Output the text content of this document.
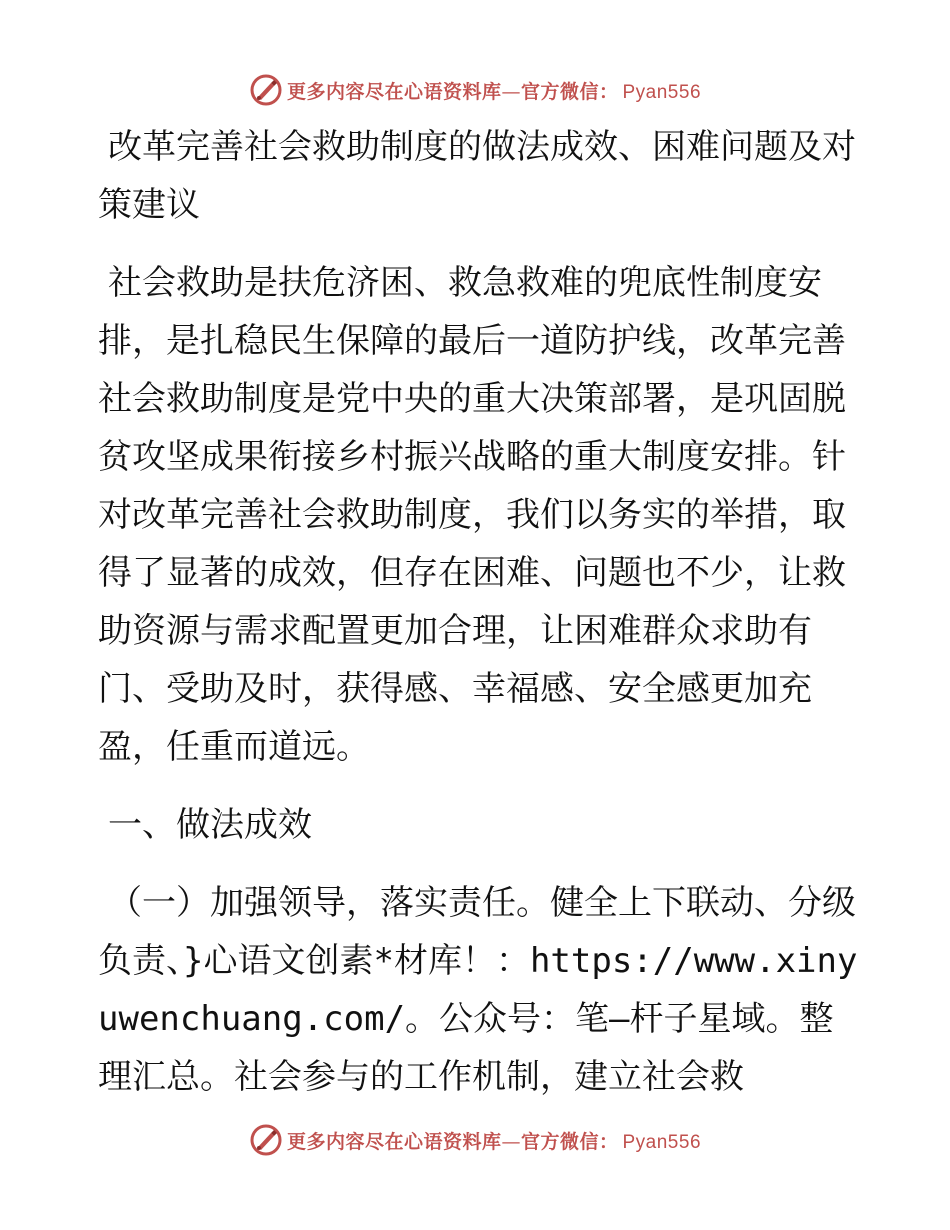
更多内容尽在心语资料库—官方微信： Pyan556
改革完善社会救助制度的做法成效、困难问题及对策建议

社会救助是扶危济困、救急救难的兜底性制度安排，是扎稳民生保障的最后一道防护线，改革完善社会救助制度是党中央的重大决策部署，是巩固脱贫攻坚成果衔接乡村振兴战略的重大制度安排。针对改革完善社会救助制度，我们以务实的举措，取得了显著的成效，但存在困难、问题也不少，让救助资源与需求配置更加合理，让困难群众求助有门、受助及时，获得感、幸福感、安全感更加充盈，任重而道远。

一、做法成效

（一）加强领导，落实责任。健全上下联动、分级负责、}心语文创素*材库！：https://www.xinyuwenchuang.com/。公众号：笔—杆子星域。整理汇总。社会参与的工作机制，建立社会救

更多内容尽在心语资料库—官方微信： Pyan556
